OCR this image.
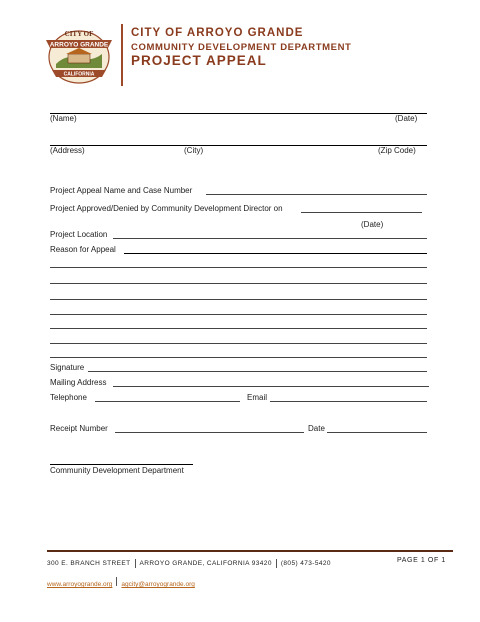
CITY OF
ARROYO GRANDE
CALIFORNIA
CITY OF ARROYO GRANDE
COMMUNITY DEVELOPMENT DEPARTMENT
PROJECT APPEAL
(Name)	(Date)
(Address)	(City)	(Zip Code)
Project Appeal Name and Case Number
Project Approved/Denied by Community Development Director on
(Date)
Project Location
Reason for Appeal
Signature
Mailing Address
Telephone	Email
Receipt Number	Date
Community Development Department
300 E. BRANCH STREET ARROYO GRANDE, CALIFORNIA 93420 (805) 473-5420	PAGE 1 OF 1
www.arroyogrande.org agcity@arroyogrande.org
